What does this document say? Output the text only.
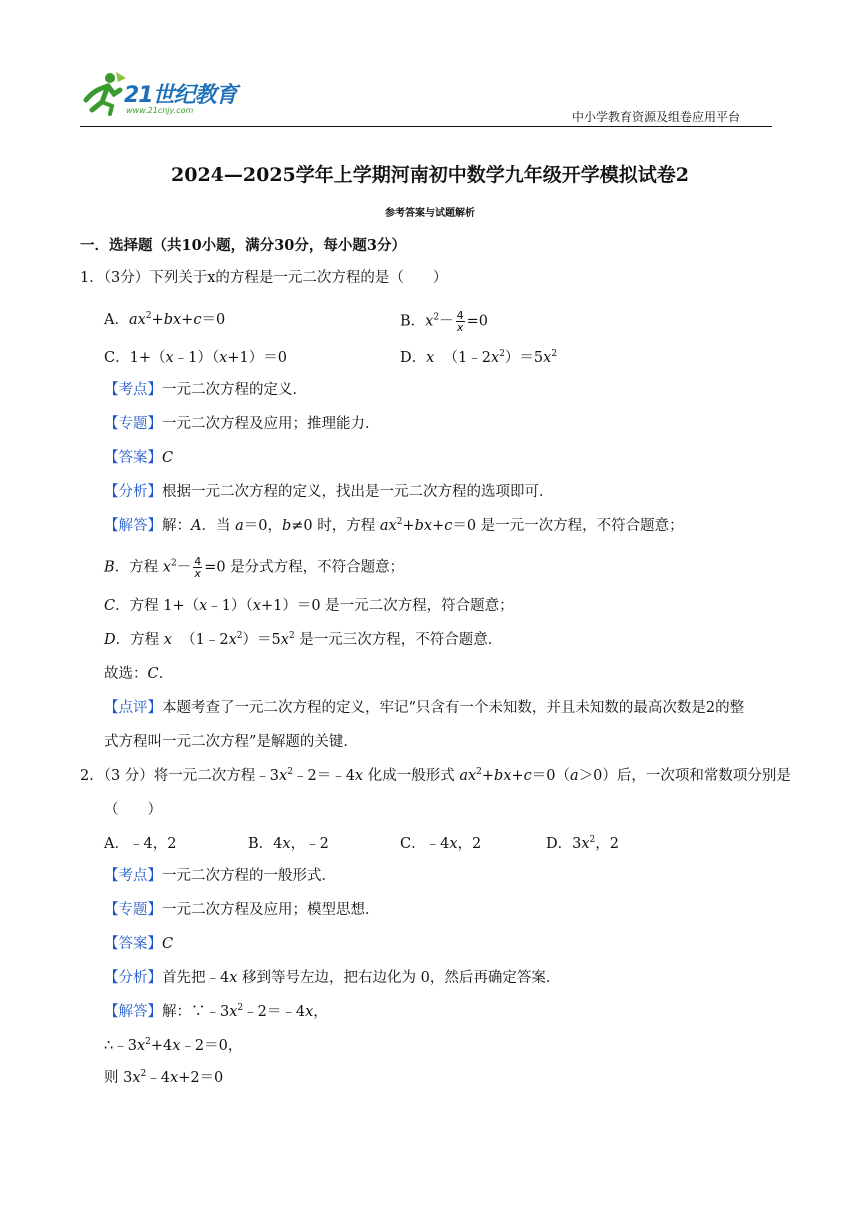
21世纪教育
www.21cnjy.com	中小学教育资源及组卷应用平台
2024—2025学年上学期河南初中数学九年级开学模拟试卷2
参考答案与试题解析
一．选择题（共10小题，满分30分，每小题3分）
1．（3分）下列关于x的方程是一元二次方程的是（　　）
A．$ax^2+bx+c=0$	B．$x^2- \frac{4}{x} =0$
C．1+（x﹣1）（x+1）＝0	D．x  $(1﹣2x^2)=5x^2$
【考点】一元二次方程的定义．
【专题】一元二次方程及应用；推理能力．
【答案】C
【分析】根据一元二次方程的定义，找出是一元二次方程的选项即可．
【解答】解：A．当 a＝0，b≠0 时，方程 $ax^2+bx+c=0$ 是一元一次方程，不符合题意；
B．方程 $x^2- \frac{4}{x} =0$ 是分式方程，不符合题意；
C．方程 1+（x﹣1）（x+1）＝0 是一元二次方程，符合题意；
D．方程 x  $(1﹣2x^2)=5x^2$ 是一元三次方程，不符合题意．
故选：C．
【点评】本题考查了一元二次方程的定义，牢记“只含有一个未知数，并且未知数的最高次数是2的整
式方程叫一元二次方程”是解题的关键．
2．（3 分）将一元二次方程$﹣3x^2﹣2=﹣4x$ 化成一般形式 $ax^2+bx+c=0(a>0)$后，一次项和常数项分别是
（　　）
A．﹣4，2	B．4x，﹣2	C．﹣4x，2	D．$3x^2$，2
【考点】一元二次方程的一般形式．
【专题】一元二次方程及应用；模型思想．
【答案】C
【分析】首先把﹣4x 移到等号左边，把右边化为 0，然后再确定答案．
【解答】解：$\because﹣3x^2﹣2=﹣4x$，
$\therefore﹣3x^2+4x﹣2=0$，
则 $3x^2﹣4x+2=0$
